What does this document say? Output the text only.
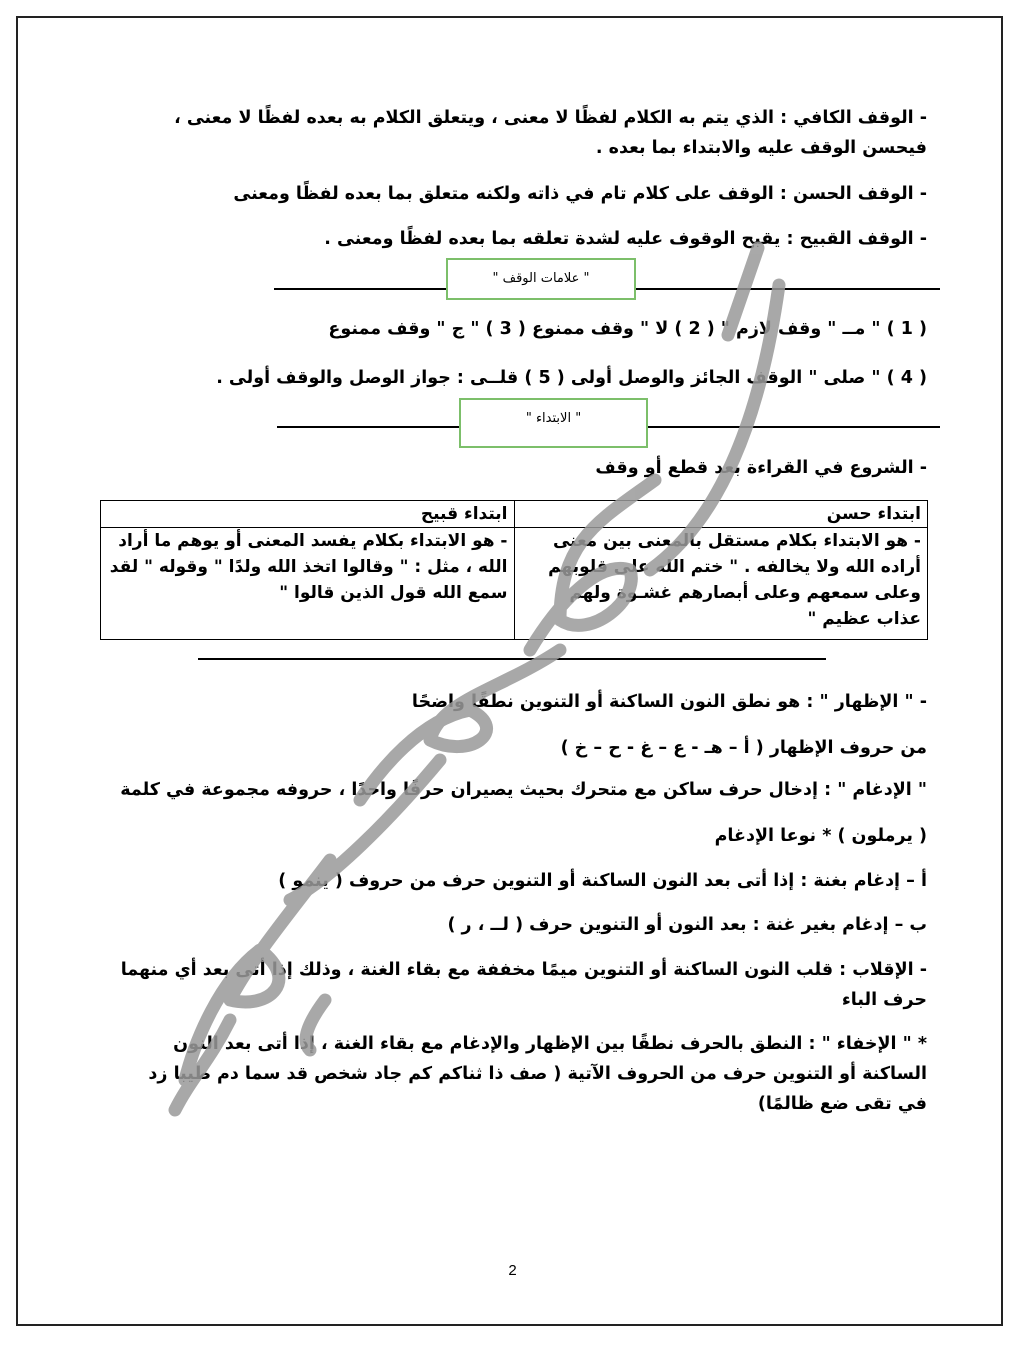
- الوقف الكافي : الذي يتم به الكلام لفظًا لا معنى ، ويتعلق الكلام به بعده لفظًا لا معنى ، فيحسن الوقف عليه والابتداء بما بعده .
- الوقف الحسن : الوقف على كلام تام في ذاته ولكنه متعلق بما بعده لفظًا ومعنى
- الوقف القبيح : يقبح الوقوف عليه لشدة تعلقه بما بعده لفظًا ومعنى .
" علامات الوقف "
( 1 ) " مــ " وقف لازم " ( 2 ) لا " وقف ممنوع ( 3 ) " ج " وقف ممنوع
( 4 ) " صلى " الوقف الجائز والوصل أولى ( 5 ) قلــى : جواز الوصل والوقف أولى .
" الابتداء "
- الشروع في القراءة بعد قطع أو وقف
ابتداء حسن	ابتداء قبيح
- هو الابتداء بكلام مستقل بالمعنى بين معنى أراده الله ولا يخالفه . " ختم الله على قلوبهم وعلى سمعهم وعلى أبصارهم غشـوة ولهم عذاب عظيم "	- هو الابتداء بكلام يفسد المعنى أو يوهم ما أراد الله ، مثل : " وقالوا اتخذ الله ولدًا " وقوله " لقد سمع الله قول الذين قالوا "
- " الإظهار " : هو نطق النون الساكنة أو التنوين نطقًا واضحًا
من حروف الإظهار ( أ – هـ - ع – غ - ح – خ )
" الإدغام " : إدخال حرف ساكن مع متحرك بحيث يصيران حرفًا واحدًا ، حروفه مجموعة في كلمة
( يرملون ) * نوعا الإدغام
أ – إدغام بغنة : إذا أتى بعد النون الساكنة أو التنوين حرف من حروف ( ينمو )
ب – إدغام بغير غنة : بعد النون أو التنوين حرف ( لــ ، ر )
- الإقلاب : قلب النون الساكنة أو التنوين ميمًا مخففة مع بقاء الغنة ، وذلك إذا أتى بعد أي منهما حرف الباء
* " الإخفاء " : النطق بالحرف نطقًا بين الإظهار والإدغام مع بقاء الغنة ، إذا أتى بعد النون الساكنة أو التنوين حرف من الحروف الآتية ( صف ذا ثناكم كم جاد شخص قد سما دم طيبا زد في تقى ضع ظالمًا)
2
